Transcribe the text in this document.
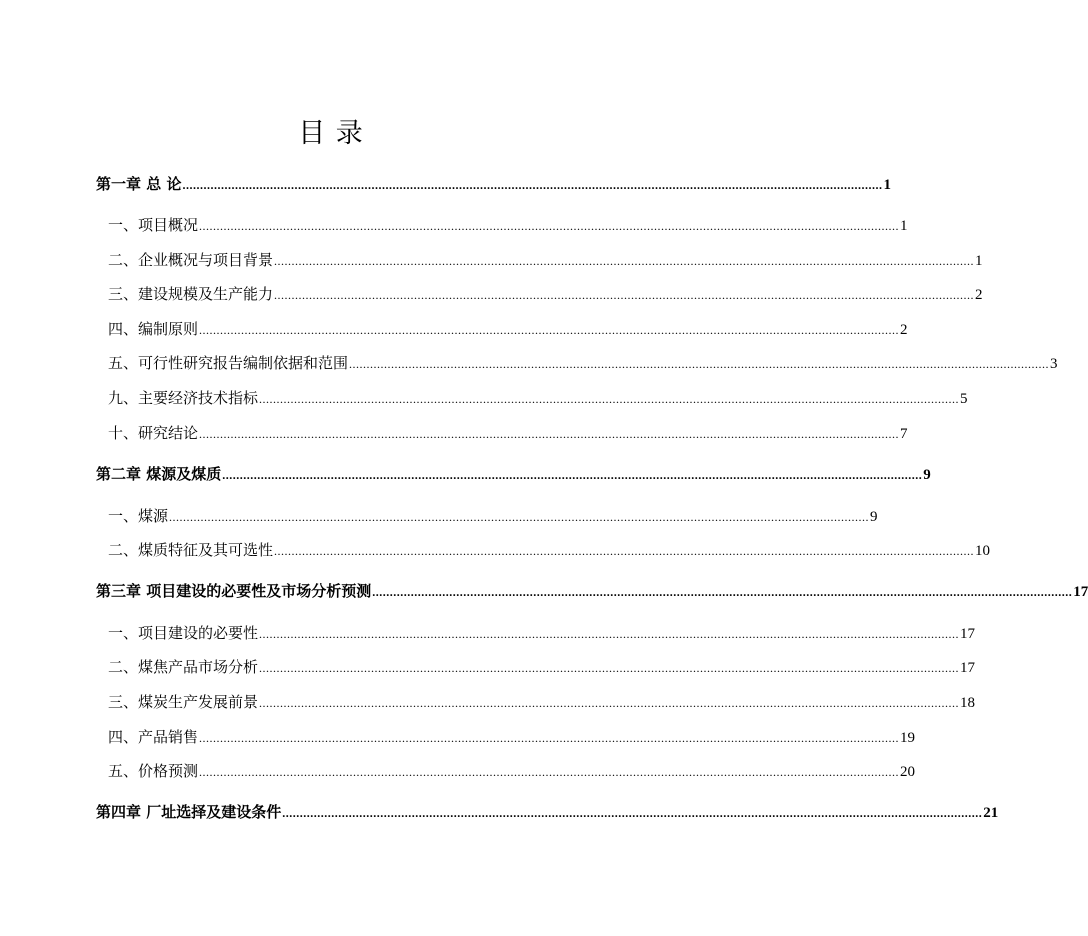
目 录
第一章 总 论 ........................................................................................................................................................................................................ 1
一、项目概况 ........................................................................................................................................................................................................ 1
二、企业概况与项目背景 ........................................................................................................................................................................................................ 1
三、建设规模及生产能力 ........................................................................................................................................................................................................ 2
四、编制原则 ........................................................................................................................................................................................................ 2
五、可行性研究报告编制依据和范围 ........................................................................................................................................................................................................ 3
九、主要经济技术指标 ........................................................................................................................................................................................................ 5
十、研究结论 ........................................................................................................................................................................................................ 7
第二章 煤源及煤质 ........................................................................................................................................................................................................ 9
一、煤源 ........................................................................................................................................................................................................ 9
二、煤质特征及其可选性 ........................................................................................................................................................................................................ 10
第三章 项目建设的必要性及市场分析预测 ........................................................................................................................................................................................................ 17
一、项目建设的必要性 ........................................................................................................................................................................................................ 17
二、煤焦产品市场分析 ........................................................................................................................................................................................................ 17
三、煤炭生产发展前景 ........................................................................................................................................................................................................ 18
四、产品销售 ........................................................................................................................................................................................................ 19
五、价格预测 ........................................................................................................................................................................................................ 20
第四章 厂址选择及建设条件 ........................................................................................................................................................................................................ 21
